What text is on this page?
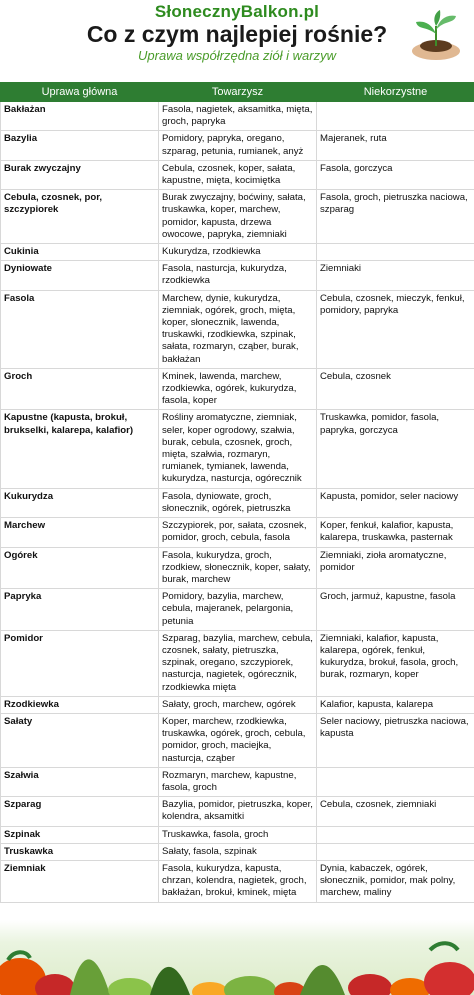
SłonecznyBalkon.pl
Co z czym najlepiej rośnie?
Uprawa współrzędna ziół i warzyw
Uprawa główna	Towarzysz	Niekorzystne
Bakłażan	Fasola, nagietek, aksamitka, mięta, groch, papryka	
Bazylia	Pomidory, papryka, oregano, szparag, petunia, rumianek, anyż	Majeranek, ruta
Burak zwyczajny	Cebula, czosnek, koper, sałata, kapustne, mięta, kocimiętka	Fasola, gorczyca
Cebula, czosnek, por, szczypiorek	Burak zwyczajny, boćwiny, sałata, truskawka, koper, marchew, pomidor, kapusta, drzewa owocowe, papryka, ziemniaki	Fasola, groch, pietruszka naciowa, szparag
Cukinia	Kukurydza, rzodkiewka	
Dyniowate	Fasola, nasturcja, kukurydza, rzodkiewka	Ziemniaki
Fasola	Marchew, dynie, kukurydza, ziemniak, ogórek, groch, mięta, koper, słonecznik, lawenda, truskawki, rzodkiewka, szpinak, sałata, rozmaryn, cząber, burak, bakłażan	Cebula, czosnek, mieczyk, fenkuł, pomidory, papryka
Groch	Kminek, lawenda, marchew, rzodkiewka, ogórek, kukurydza, fasola, koper	Cebula, czosnek
Kapustne (kapusta, brokuł, brukselki, kalarepa, kalafior)	Rośliny aromatyczne, ziemniak, seler, koper ogrodowy, szałwia, burak, cebula, czosnek, groch, mięta, szałwia, rozmaryn, rumianek, tymianek, lawenda, kukurydza, nasturcja, ogórecznik	Truskawka, pomidor, fasola, papryka, gorczyca
Kukurydza	Fasola, dyniowate, groch, słonecznik, ogórek, pietruszka	Kapusta, pomidor, seler naciowy
Marchew	Szczypiorek, por, sałata, czosnek, pomidor, groch, cebula, fasola	Koper, fenkuł, kalafior, kapusta, kalarepa, truskawka, pasternak
Ogórek	Fasola, kukurydza, groch, rzodkiew, słonecznik, koper, sałaty, burak, marchew	Ziemniaki, zioła aromatyczne, pomidor
Papryka	Pomidory, bazylia, marchew, cebula, majeranek, pelargonia, petunia	Groch, jarmuż, kapustne, fasola
Pomidor	Szparag, bazylia, marchew, cebula, czosnek, sałaty, pietruszka, szpinak, oregano, szczypiorek, nasturcja, nagietek, ogórecznik, rzodkiewka mięta	Ziemniaki, kalafior, kapusta, kalarepa, ogórek, fenkuł, kukurydza, brokuł, fasola, groch, burak, rozmaryn, koper
Rzodkiewka	Sałaty, groch, marchew, ogórek	Kalafior, kapusta, kalarepa
Sałaty	Koper, marchew, rzodkiewka, truskawka, ogórek, groch, cebula, pomidor, groch, maciejka, nasturcja, cząber	Seler naciowy, pietruszka naciowa, kapusta
Szałwia	Rozmaryn, marchew, kapustne, fasola, groch	
Szparag	Bazylia, pomidor, pietruszka, koper, kolendra, aksamitki	Cebula, czosnek, ziemniaki
Szpinak	Truskawka, fasola, groch	
Truskawka	Sałaty, fasola, szpinak	
Ziemniak	Fasola, kukurydza, kapusta, chrzan, kolendra, nagietek, groch, bakłażan, brokuł, kminek, mięta	Dynia, kabaczek, ogórek, słonecznik, pomidor, mak polny, marchew, maliny
